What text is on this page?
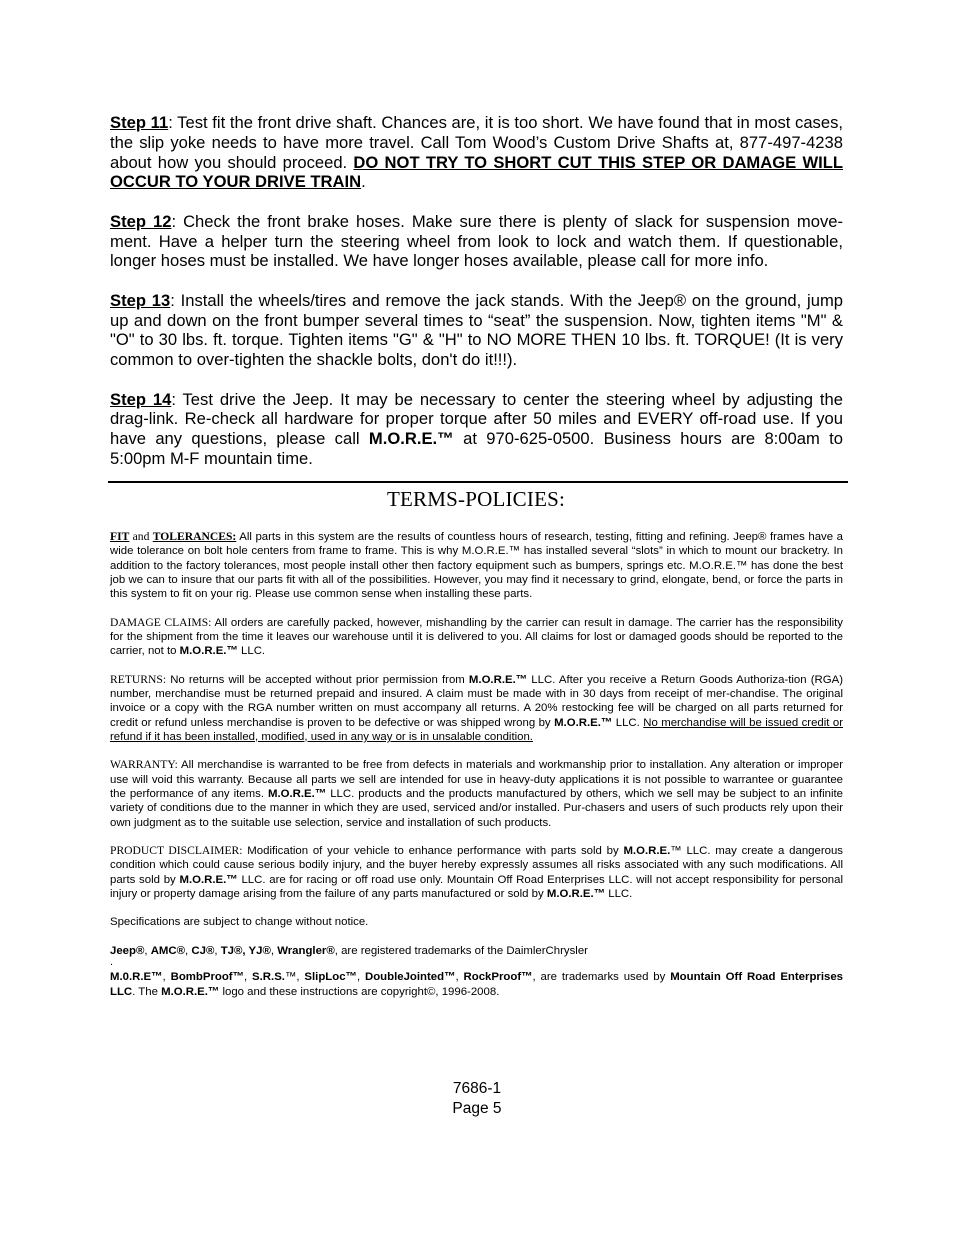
Step 11: Test fit the front drive shaft. Chances are, it is too short. We have found that in most cases, the slip yoke needs to have more travel. Call Tom Wood’s Custom Drive Shafts at, 877-497-4238 about how you should proceed. DO NOT TRY TO SHORT CUT THIS STEP OR DAMAGE WILL OCCUR TO YOUR DRIVE TRAIN.

Step 12: Check the front brake hoses. Make sure there is plenty of slack for suspension move-ment. Have a helper turn the steering wheel from look to lock and watch them. If questionable, longer hoses must be installed. We have longer hoses available, please call for more info.

Step 13: Install the wheels/tires and remove the jack stands. With the Jeep® on the ground, jump up and down on the front bumper several times to “seat” the suspension. Now, tighten items "M" & "O" to 30 lbs. ft. torque. Tighten items "G" & "H" to NO MORE THEN 10 lbs. ft. TORQUE! (It is very common to over-tighten the shackle bolts, don't do it!!!).

Step 14: Test drive the Jeep. It may be necessary to center the steering wheel by adjusting the drag-link. Re-check all hardware for proper torque after 50 miles and EVERY off-road use. If you have any questions, please call M.O.R.E.™ at 970-625-0500. Business hours are 8:00am to 5:00pm M-F mountain time.

TERMS-POLICIES:

FIT and TOLERANCES: All parts in this system are the results of countless hours of research, testing, fitting and refining. Jeep® frames have a wide tolerance on bolt hole centers from frame to frame. This is why M.O.R.E.™ has installed several “slots” in which to mount our bracketry. In addition to the factory tolerances, most people install other then factory equipment such as bumpers, springs etc. M.O.R.E.™ has done the best job we can to insure that our parts fit with all of the possibilities. However, you may find it necessary to grind, elongate, bend, or force the parts in this system to fit on your rig. Please use common sense when installing these parts.

DAMAGE CLAIMS: All orders are carefully packed, however, mishandling by the carrier can result in damage. The carrier has the responsibility for the shipment from the time it leaves our warehouse until it is delivered to you. All claims for lost or damaged goods should be reported to the carrier, not to M.O.R.E.™ LLC.

RETURNS: No returns will be accepted without prior permission from M.O.R.E.™ LLC. After you receive a Return Goods Authoriza-tion (RGA) number, merchandise must be returned prepaid and insured. A claim must be made with in 30 days from receipt of mer-chandise. The original invoice or a copy with the RGA number written on must accompany all returns. A 20% restocking fee will be charged on all parts returned for credit or refund unless merchandise is proven to be defective or was shipped wrong by M.O.R.E.™ LLC. No merchandise will be issued credit or refund if it has been installed, modified, used in any way or is in unsalable condition.

WARRANTY: All merchandise is warranted to be free from defects in materials and workmanship prior to installation. Any alteration or improper use will void this warranty. Because all parts we sell are intended for use in heavy-duty applications it is not possible to warrantee or guarantee the performance of any items. M.O.R.E.™ LLC. products and the products manufactured by others, which we sell may be subject to an infinite variety of conditions due to the manner in which they are used, serviced and/or installed. Pur-chasers and users of such products rely upon their own judgment as to the suitable use selection, service and installation of such products.

PRODUCT DISCLAIMER: Modification of your vehicle to enhance performance with parts sold by M.O.R.E.™ LLC. may create a dangerous condition which could cause serious bodily injury, and the buyer hereby expressly assumes all risks associated with any such modifications. All parts sold by M.O.R.E.™ LLC. are for racing or off road use only. Mountain Off Road Enterprises LLC. will not accept responsibility for personal injury or property damage arising from the failure of any parts manufactured or sold by M.O.R.E.™ LLC.

Specifications are subject to change without notice.

Jeep®, AMC®, CJ®, TJ®, YJ®, Wrangler®, are registered trademarks of the DaimlerChrysler

.

M.0.R.E™, BombProof™, S.R.S.™, SlipLoc™, DoubleJointed™, RockProof™, are trademarks used by Mountain Off Road Enterprises LLC. The M.O.R.E.™ logo and these instructions are copyright©, 1996-2008.

7686-1
Page 5
